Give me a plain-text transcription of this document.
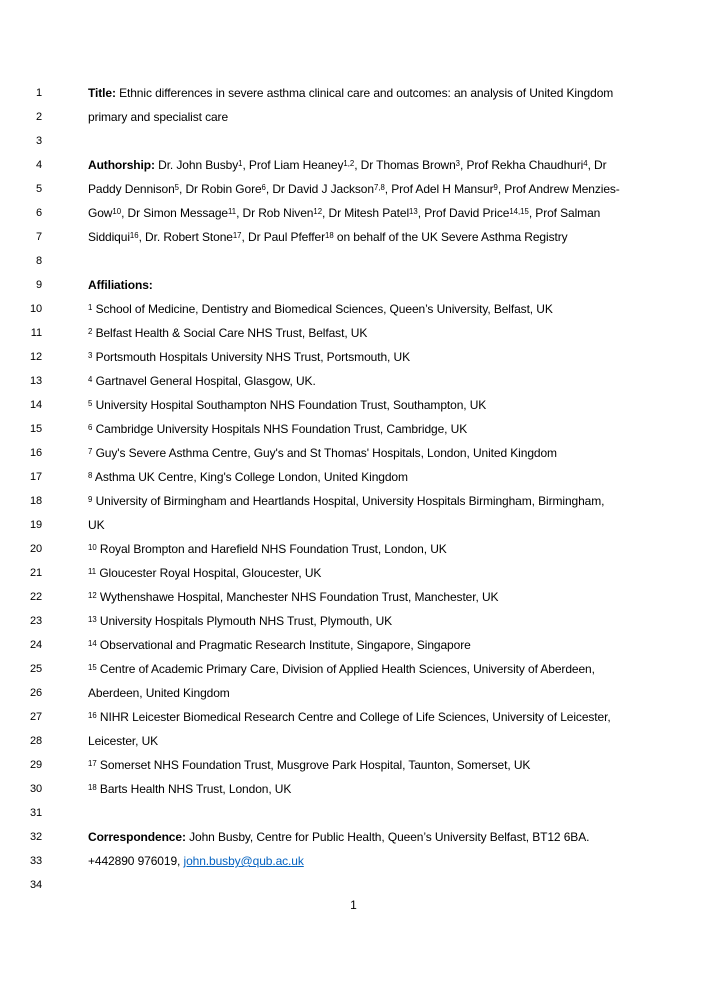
1	Title: Ethnic differences in severe asthma clinical care and outcomes: an analysis of United Kingdom
2	primary and specialist care
3
4	Authorship: Dr. John Busby$^1$, Prof Liam Heaney$^{1,2}$, Dr Thomas Brown$^3$, Prof Rekha Chaudhuri$^4$, Dr
5	Paddy Dennison$^5$, Dr Robin Gore$^6$, Dr David J Jackson$^{7,8}$, Prof Adel H Mansur$^9$, Prof Andrew Menzies-
6	Gow$^{10}$, Dr Simon Message$^{11}$, Dr Rob Niven$^{12}$, Dr Mitesh Patel$^{13}$, Prof David Price$^{14,15}$, Prof Salman
7	Siddiqui$^{16}$, Dr. Robert Stone$^{17}$, Dr Paul Pfeffer$^{18}$ on behalf of the UK Severe Asthma Registry
8
9	Affiliations:
10	$^1$ School of Medicine, Dentistry and Biomedical Sciences, Queen’s University, Belfast, UK
11	$^2$ Belfast Health & Social Care NHS Trust, Belfast, UK
12	$^3$ Portsmouth Hospitals University NHS Trust, Portsmouth, UK
13	$^4$ Gartnavel General Hospital, Glasgow, UK.
14	$^5$ University Hospital Southampton NHS Foundation Trust, Southampton, UK
15	$^6$ Cambridge University Hospitals NHS Foundation Trust, Cambridge, UK
16	$^7$ Guy's Severe Asthma Centre, Guy's and St Thomas' Hospitals, London, United Kingdom
17	$^8$ Asthma UK Centre, King's College London, United Kingdom
18	$^9$ University of Birmingham and Heartlands Hospital, University Hospitals Birmingham, Birmingham,
19	UK
20	$^{10}$ Royal Brompton and Harefield NHS Foundation Trust, London, UK
21	$^{11}$ Gloucester Royal Hospital, Gloucester, UK
22	$^{12}$ Wythenshawe Hospital, Manchester NHS Foundation Trust, Manchester, UK
23	$^{13}$ University Hospitals Plymouth NHS Trust, Plymouth, UK
24	$^{14}$ Observational and Pragmatic Research Institute, Singapore, Singapore
25	$^{15}$ Centre of Academic Primary Care, Division of Applied Health Sciences, University of Aberdeen,
26	Aberdeen, United Kingdom
27	$^{16}$ NIHR Leicester Biomedical Research Centre and College of Life Sciences, University of Leicester,
28	Leicester, UK
29	$^{17}$ Somerset NHS Foundation Trust, Musgrove Park Hospital, Taunton, Somerset, UK
30	$^{18}$ Barts Health NHS Trust, London, UK
31
32	Correspondence: John Busby, Centre for Public Health, Queen’s University Belfast, BT12 6BA.
33	+442890 976019, john.busby@qub.ac.uk
34
1
